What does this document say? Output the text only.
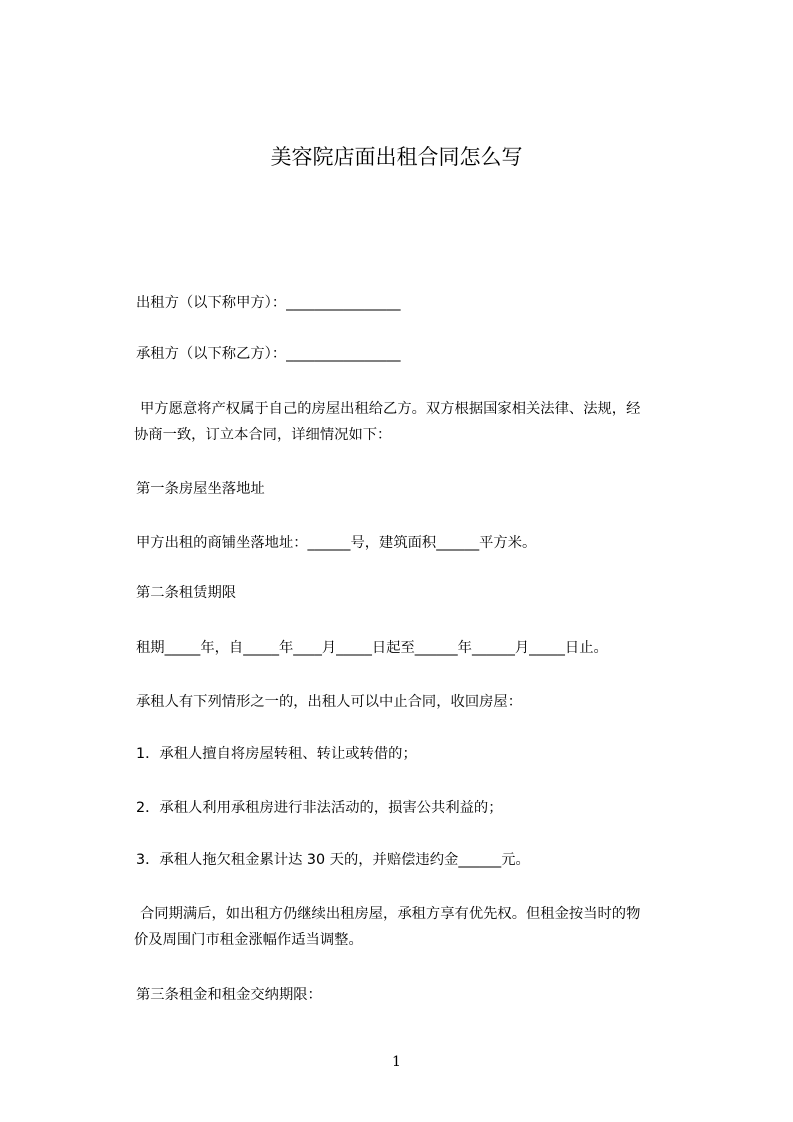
美容院店面出租合同怎么写
出租方（以下称甲方）：________________
承租方（以下称乙方）：________________
甲方愿意将产权属于自己的房屋出租给乙方。双方根据国家相关法律、法规，经
协商一致，订立本合同，详细情况如下：
第一条房屋坐落地址
甲方出租的商铺坐落地址：______号，建筑面积______平方米。
第二条租赁期限
租期_____年，自_____年____月_____日起至______年______月_____日止。
承租人有下列情形之一的，出租人可以中止合同，收回房屋：
1．承租人擅自将房屋转租、转让或转借的；
2．承租人利用承租房进行非法活动的，损害公共利益的；
3．承租人拖欠租金累计达 30 天的，并赔偿违约金______元。
合同期满后，如出租方仍继续出租房屋，承租方享有优先权。但租金按当时的物
价及周围门市租金涨幅作适当调整。
第三条租金和租金交纳期限：
1
